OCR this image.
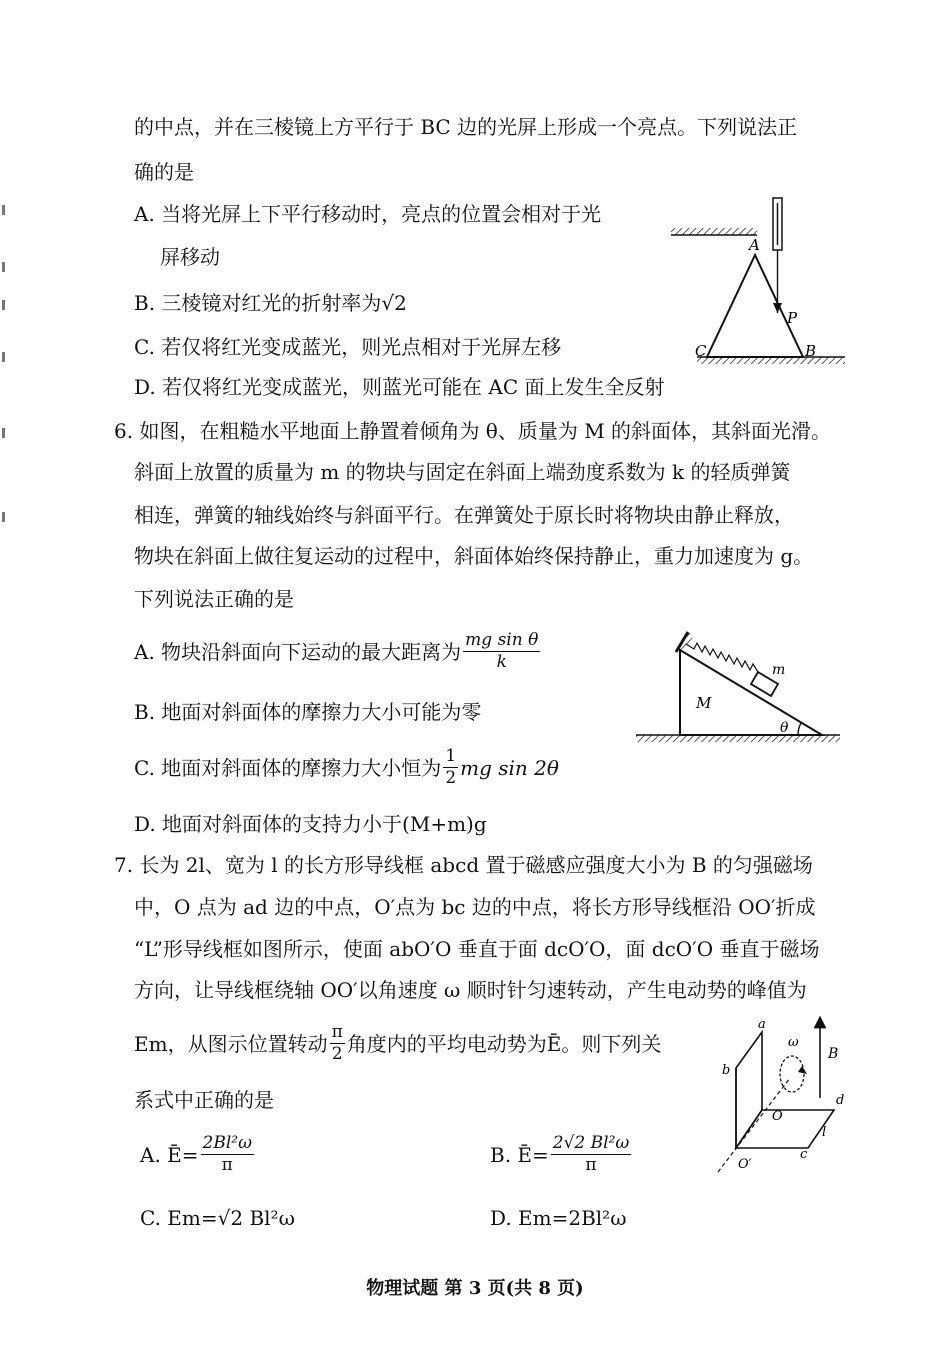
的中点，并在三棱镜上方平行于 BC 边的光屏上形成一个亮点。下列说法正
确的是
A. 当将光屏上下平行移动时，亮点的位置会相对于光
屏移动
B. 三棱镜对红光的折射率为√2
C. 若仅将红光变成蓝光，则光点相对于光屏左移
D. 若仅将红光变成蓝光，则蓝光可能在 AC 面上发生全反射
A
P
C	B
6. 如图，在粗糙水平地面上静置着倾角为 θ、质量为 M 的斜面体，其斜面光滑。
斜面上放置的质量为 m 的物块与固定在斜面上端劲度系数为 k 的轻质弹簧
相连，弹簧的轴线始终与斜面平行。在弹簧处于原长时将物块由静止释放，
物块在斜面上做往复运动的过程中，斜面体始终保持静止，重力加速度为 g。
下列说法正确的是
A. 物块沿斜面向下运动的最大距离为 $\frac{\text{mg sin θ}}{k}$
B. 地面对斜面体的摩擦力大小可能为零
C. 地面对斜面体的摩擦力大小恒为 $\frac{1}{2}$ mg sin 2θ
D. 地面对斜面体的支持力小于(M+m)g
M
m
θ
7. 长为 2l、宽为 l 的长方形导线框 abcd 置于磁感应强度大小为 B 的匀强磁场
中，O 点为 ad 边的中点，O′点为 bc 边的中点，将长方形导线框沿 OO′折成
“L”形导线框如图所示，使面 abO′O 垂直于面 dcO′O，面 dcO′O 垂直于磁场
方向，让导线框绕轴 OO′以角速度 ω 顺时针匀速转动，产生电动势的峰值为
Em，从图示位置转动 $\frac{\pi}{2}$ 角度内的平均电动势为Ē。则下列关
系式中正确的是
A. Ē= $\frac{\text{2Bl²ω}}{\pi}$	B. Ē= $\frac{\text{2√2 Bl²ω}}{\pi}$
C. Em=√2 Bl²ω	D. Em=2Bl²ω
a
b
d
c
O
O′
l
ω
B
物理试题 第 3 页(共 8 页)
